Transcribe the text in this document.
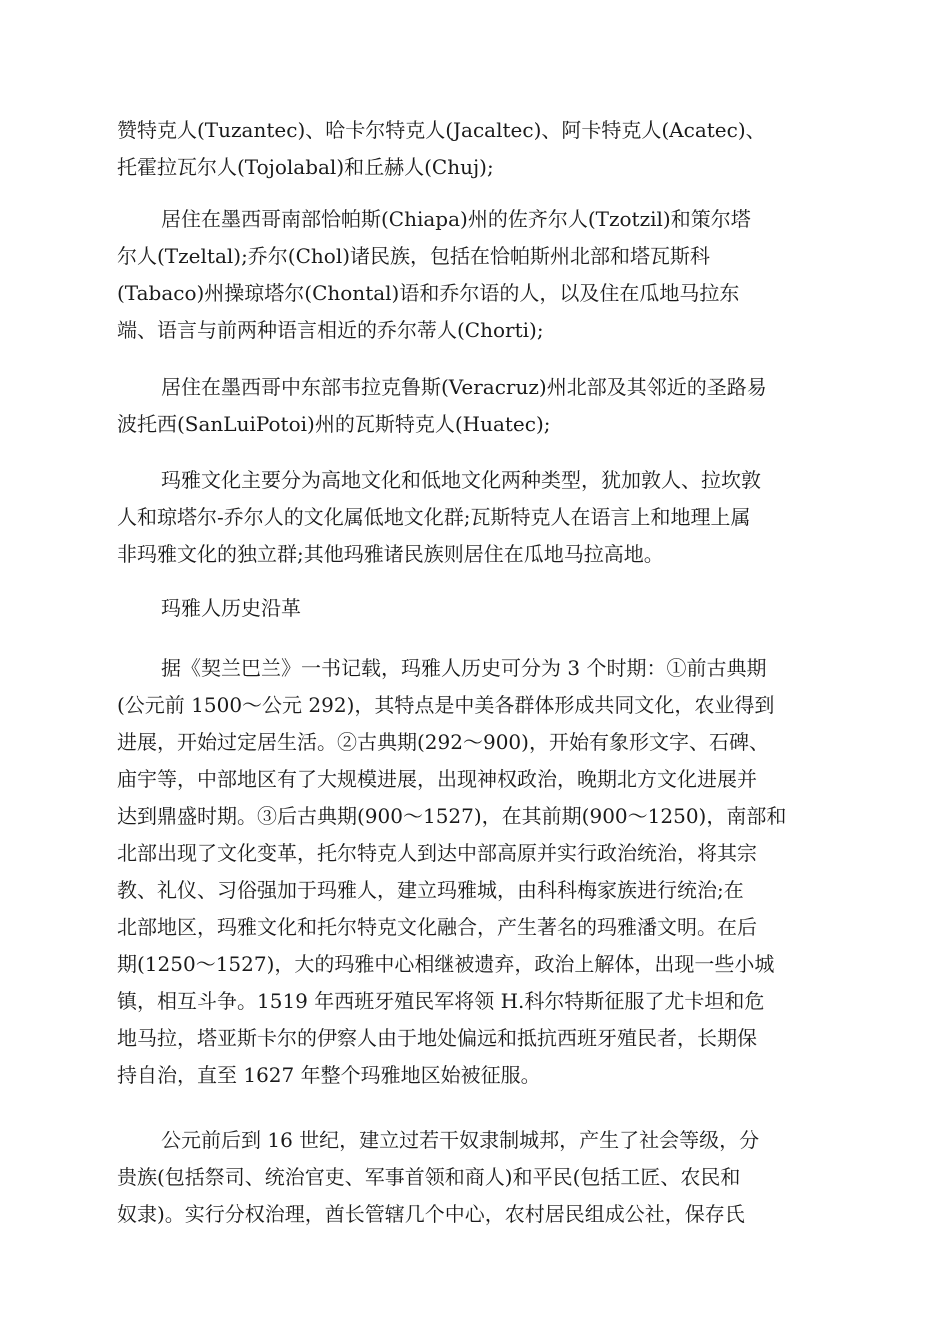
赞特克人(Tuzantec)、哈卡尔特克人(Jacaltec)、阿卡特克人(Acatec)、
托霍拉瓦尔人(Tojolabal)和丘赫人(Chuj);
居住在墨西哥南部恰帕斯(Chiapa)州的佐齐尔人(Tzotzil)和策尔塔
尔人(Tzeltal);乔尔(Chol)诸民族，包括在恰帕斯州北部和塔瓦斯科
(Tabaco)州操琼塔尔(Chontal)语和乔尔语的人，以及住在瓜地马拉东
端、语言与前两种语言相近的乔尔蒂人(Chorti);
居住在墨西哥中东部韦拉克鲁斯(Veracruz)州北部及其邻近的圣路易
波托西(SanLuiPotoi)州的瓦斯特克人(Huatec);
玛雅文化主要分为高地文化和低地文化两种类型，犹加敦人、拉坎敦
人和琼塔尔-乔尔人的文化属低地文化群;瓦斯特克人在语言上和地理上属
非玛雅文化的独立群;其他玛雅诸民族则居住在瓜地马拉高地。
玛雅人历史沿革
据《契兰巴兰》一书记载，玛雅人历史可分为 3 个时期：①前古典期
(公元前 1500～公元 292)，其特点是中美各群体形成共同文化，农业得到
进展，开始过定居生活。②古典期(292～900)，开始有象形文字、石碑、
庙宇等，中部地区有了大规模进展，出现神权政治，晚期北方文化进展并
达到鼎盛时期。③后古典期(900～1527)，在其前期(900～1250)，南部和
北部出现了文化变革，托尔特克人到达中部高原并实行政治统治，将其宗
教、礼仪、习俗强加于玛雅人，建立玛雅城，由科科梅家族进行统治;在
北部地区，玛雅文化和托尔特克文化融合，产生著名的玛雅潘文明。在后
期(1250～1527)，大的玛雅中心相继被遗弃，政治上解体，出现一些小城
镇，相互斗争。1519 年西班牙殖民军将领 H.科尔特斯征服了尤卡坦和危
地马拉，塔亚斯卡尔的伊察人由于地处偏远和抵抗西班牙殖民者，长期保
持自治，直至 1627 年整个玛雅地区始被征服。
公元前后到 16 世纪，建立过若干奴隶制城邦，产生了社会等级，分
贵族(包括祭司、统治官吏、军事首领和商人)和平民(包括工匠、农民和
奴隶)。实行分权治理，酋长管辖几个中心，农村居民组成公社，保存氏
